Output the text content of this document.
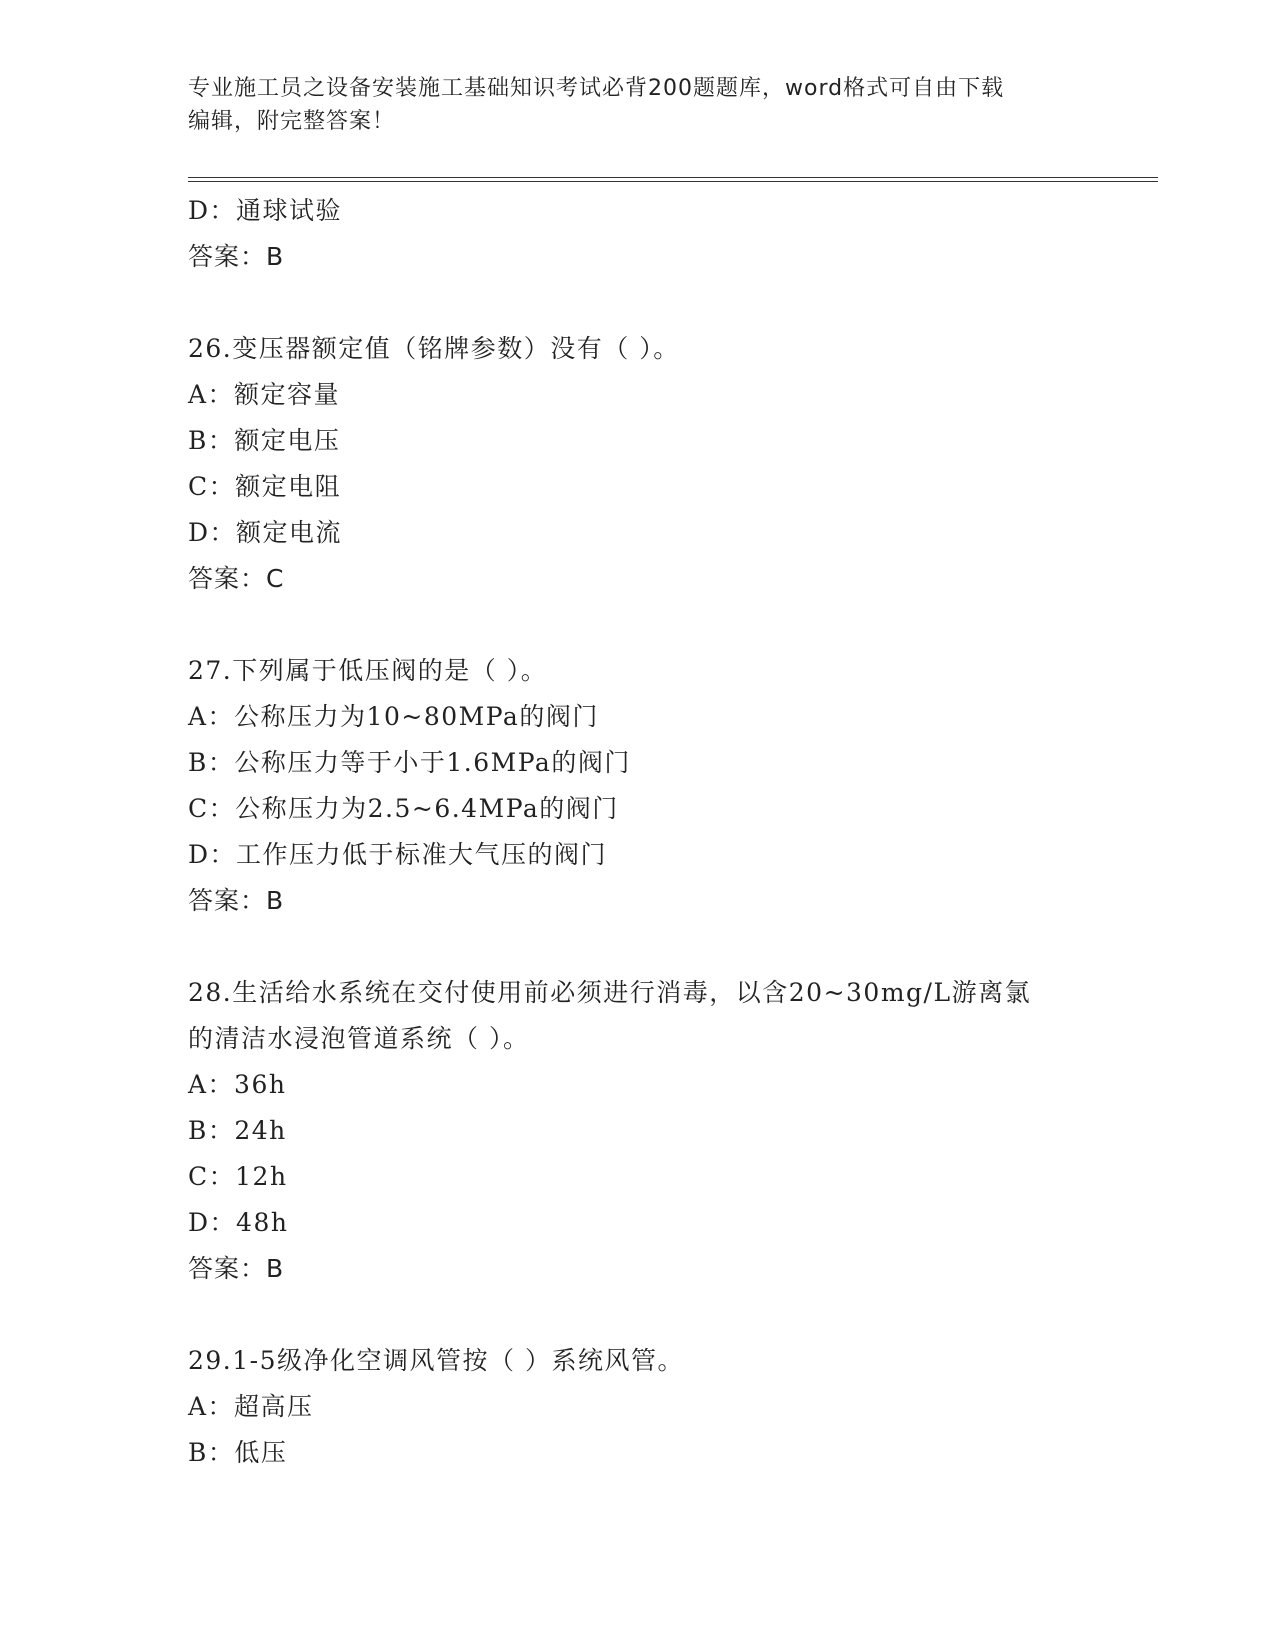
专业施工员之设备安装施工基础知识考试必背200题题库，word格式可自由下载
编辑，附完整答案！
D：通球试验
答案：B
26.变压器额定值（铭牌参数）没有（ ）。
A：额定容量
B：额定电压
C：额定电阻
D：额定电流
答案：C
27.下列属于低压阀的是（ ）。
A：公称压力为10~80MPa的阀门
B：公称压力等于小于1.6MPa的阀门
C：公称压力为2.5~6.4MPa的阀门
D：工作压力低于标准大气压的阀门
答案：B
28.生活给水系统在交付使用前必须进行消毒，以含20~30mg/L游离氯
的清洁水浸泡管道系统（ ）。
A：36h
B：24h
C：12h
D：48h
答案：B
29.1-5级净化空调风管按（ ）系统风管。
A：超高压
B：低压
